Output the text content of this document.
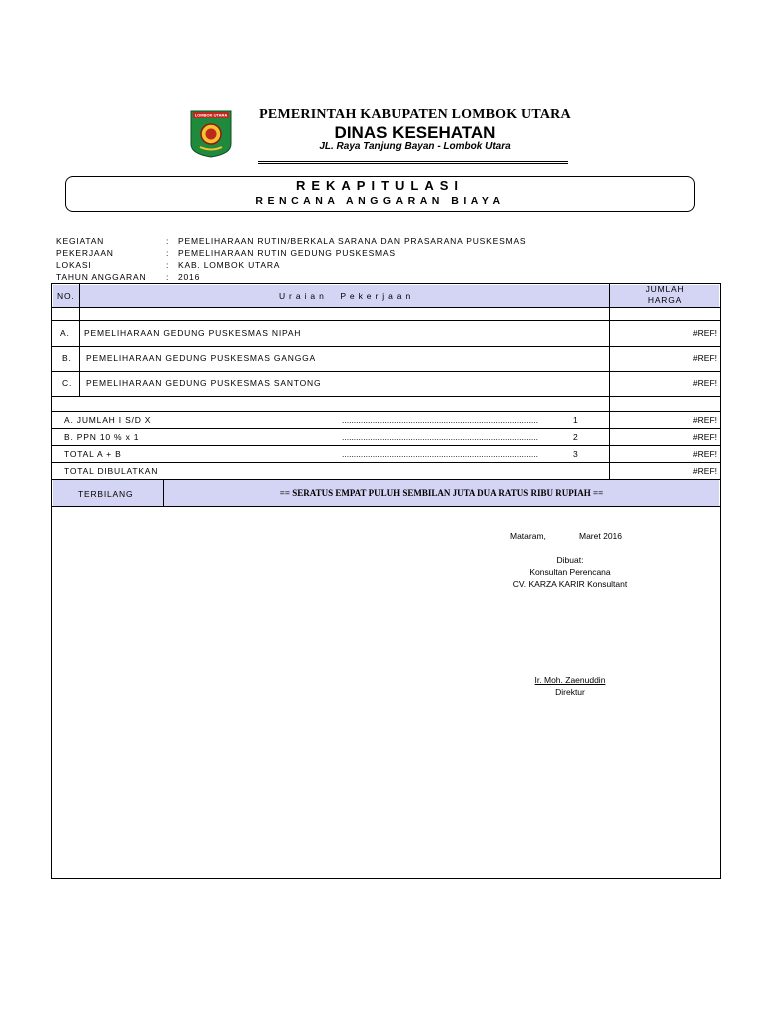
LOMBOK UTARA	PEMERINTAH KABUPATEN LOMBOK UTARA
DINAS KESEHATAN
JL. Raya Tanjung Bayan - Lombok Utara
REKAPITULASI
RENCANA ANGGARAN BIAYA
KEGIATAN	: PEMELIHARAAN RUTIN/BERKALA SARANA DAN PRASARANA PUSKESMAS
PEKERJAAN	: PEMELIHARAAN RUTIN GEDUNG PUSKESMAS
LOKASI	: KAB. LOMBOK UTARA
TAHUN ANGGARAN : 2016
NO.	U r a i a n     P e k e r j a a n
JUMLAH
HARGA
A. PEMELIHARAAN GEDUNG PUSKESMAS NIPAH	#REF!
B. PEMELIHARAAN GEDUNG PUSKESMAS GANGGA	#REF!
C. PEMELIHARAAN GEDUNG PUSKESMAS SANTONG	#REF!
A. JUMLAH I S/D X	...................................................................................	1	#REF!
B. PPN 10 % x 1	...................................................................................	2	#REF!
TOTAL A + B	...................................................................................	3	#REF!
TOTAL DIBULATKAN	#REF!
TERBILANG	== SERATUS EMPAT PULUH SEMBILAN JUTA DUA RATUS RIBU RUPIAH ==
Mataram,	Maret 2016
Dibuat:
Konsultan Perencana
CV. KARZA KARIR Konsultant
Ir. Moh. Zaenuddin
Direktur
